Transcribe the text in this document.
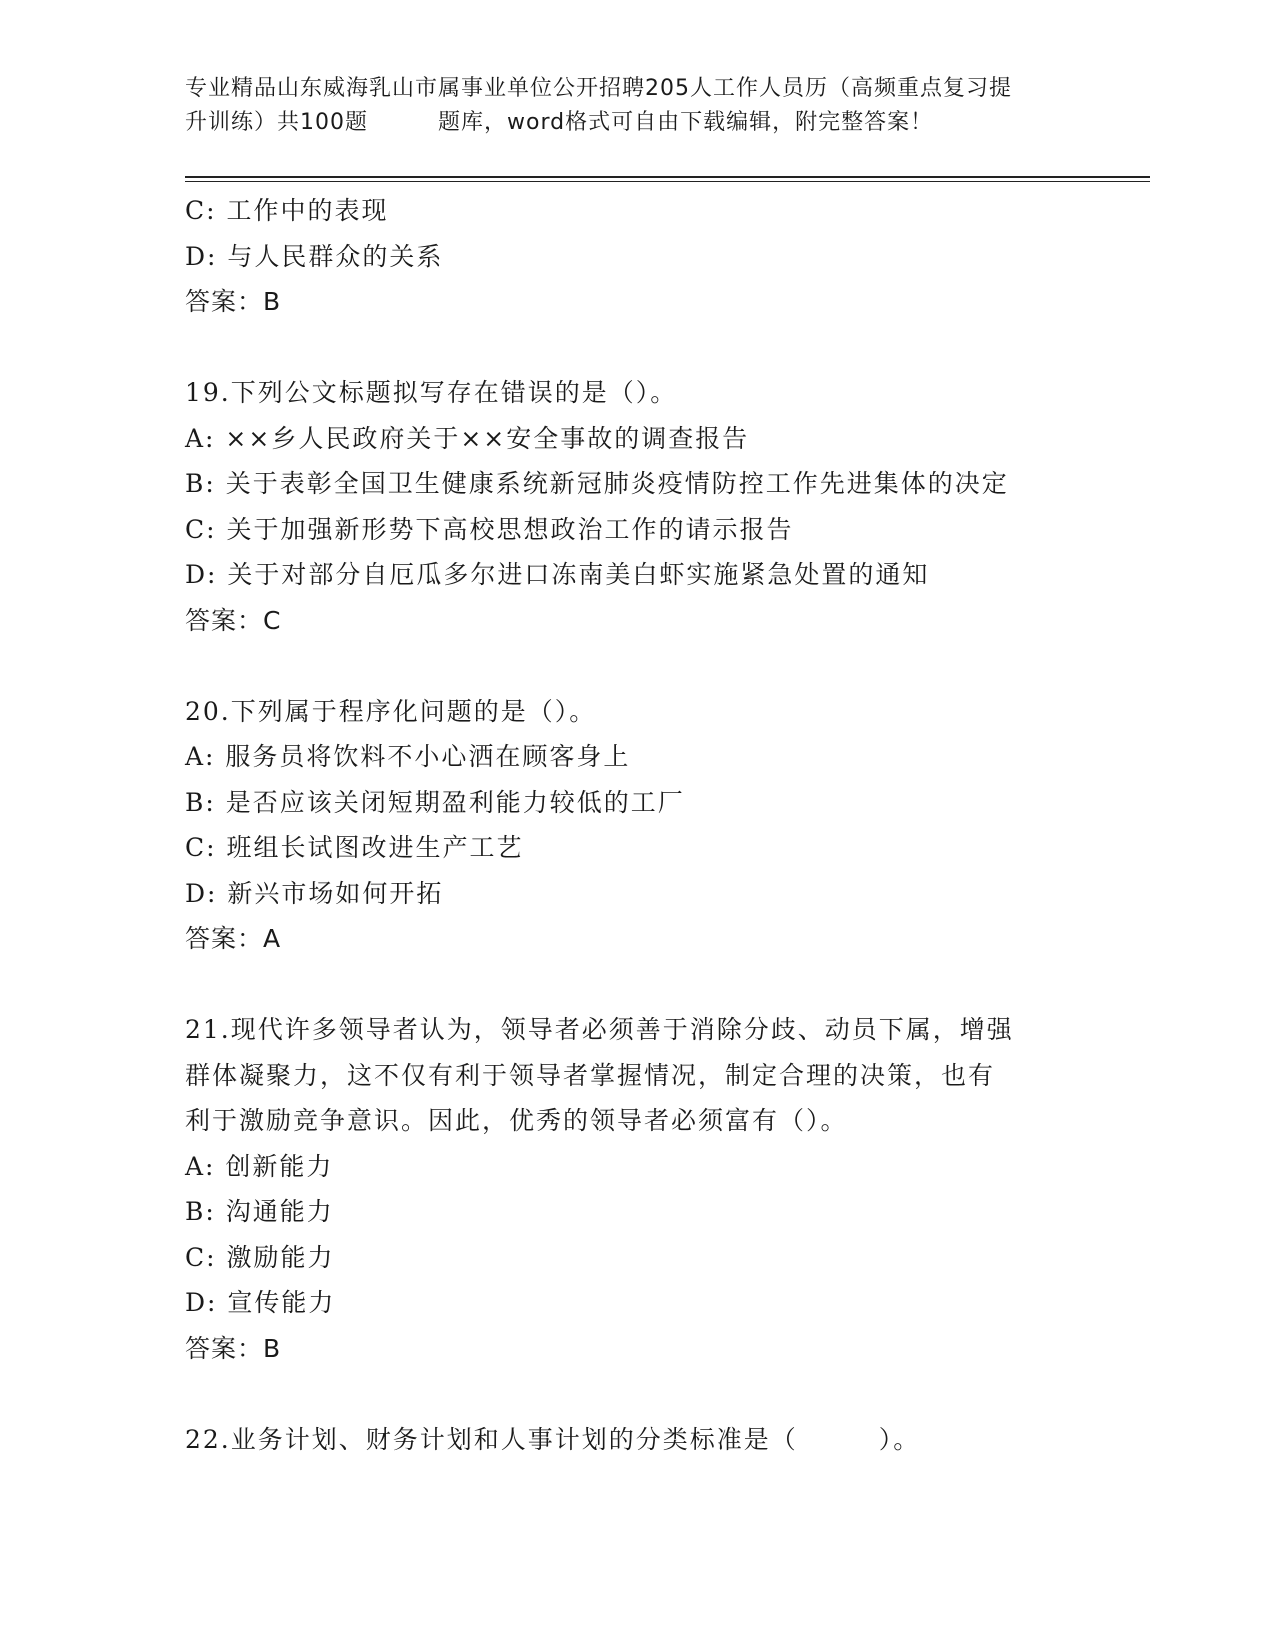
专业精品山东威海乳山市属事业单位公开招聘205人工作人员历（高频重点复习提
升训练）共100题	题库，word格式可自由下载编辑，附完整答案！
C: 工作中的表现
D: 与人民群众的关系
答案：B
19.下列公文标题拟写存在错误的是（）。
A: ××乡人民政府关于××安全事故的调查报告
B: 关于表彰全国卫生健康系统新冠肺炎疫情防控工作先进集体的决定
C: 关于加强新形势下高校思想政治工作的请示报告
D: 关于对部分自厄瓜多尔进口冻南美白虾实施紧急处置的通知
答案：C
20.下列属于程序化问题的是（）。
A: 服务员将饮料不小心洒在顾客身上
B: 是否应该关闭短期盈利能力较低的工厂
C: 班组长试图改进生产工艺
D: 新兴市场如何开拓
答案：A
21.现代许多领导者认为，领导者必须善于消除分歧、动员下属，增强
群体凝聚力，这不仅有利于领导者掌握情况，制定合理的决策，也有
利于激励竞争意识。因此，优秀的领导者必须富有（）。
A: 创新能力
B: 沟通能力
C: 激励能力
D: 宣传能力
答案：B
22.业务计划、财务计划和人事计划的分类标准是（　　　）。
